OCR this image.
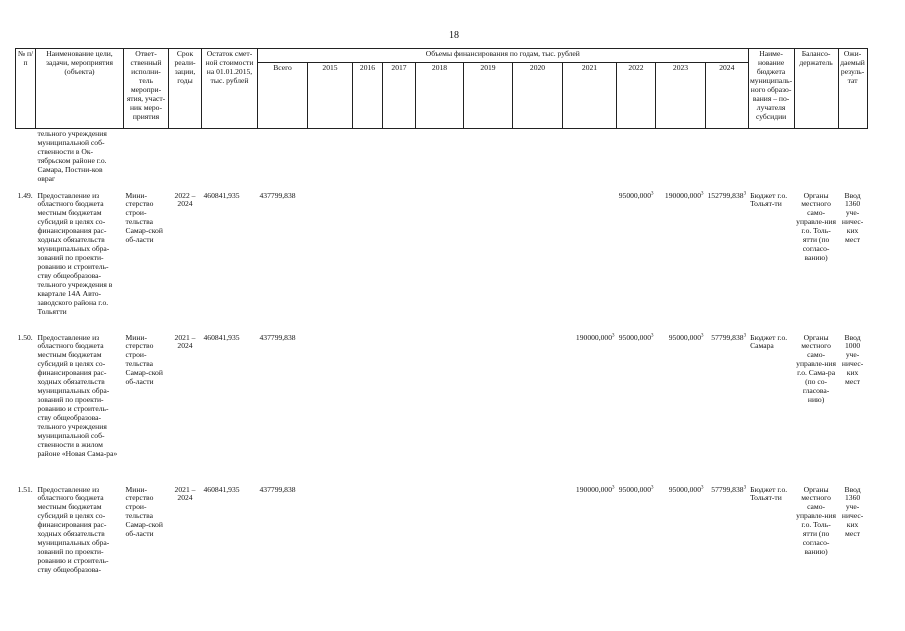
18
№ п/п	Наименование цели, задачи, мероприятия (объекта)	Ответ-ственный исполни-тель меропри-ятия, участ-ник меро-приятия	Срок реали-зации, годы	Остаток смет-ной стоимости на 01.01.2015, тыс. рублей	Объемы финансирования по годам, тыс. рублей											Наиме-нование бюджета муниципаль-ного образо-вания – по-лучателя субсидии	Балансо-держатель	Ожи-даемый резуль-тат
					Всего	2015	2016	2017	2018	2019	2020	2021	2022	2023	2024			
	тельного учреждения муниципальной соб-ственности в Ок-тябрьском районе г.о. Самара, Постни-ков овраг																	
1.49.	Предоставление из областного бюджета местным бюджетам субсидий в целях со-финансирования рас-ходных обязательств муниципальных обра-зований по проекти-рованию и строитель-ству общеобразова-тельного учреждения в квартале 14А Авто-заводского района г.о. Тольятти	Мини-стерство строи-тельства Самар-ской об-ласти	2022 – 2024	460841,935	437799,838								95000,000$^3$	190000,000$^3$	152799,838$^3$	Бюджет г.о. Тольят-ти	Органы местного само-управле-ния г.о. Толь-ятти (по согласо-ванию)	Ввод 1360 уче-ничес-ких мест
1.50.	Предоставление из областного бюджета местным бюджетам субсидий в целях со-финансирования рас-ходных обязательств муниципальных обра-зований по проекти-рованию и строитель-ству общеобразова-тельного учреждения муниципальной соб-ственности в жилом районе «Новая Сама-ра»	Мини-стерство строи-тельства Самар-ской об-ласти	2021 – 2024	460841,935	437799,838							190000,000$^3$	95000,000$^3$	95000,000$^3$	57799,838$^3$	Бюджет г.о. Самара	Органы местного само-управле-ния г.о. Сама-ра (по со-гласова-нию)	Ввод 1000 уче-ничес-ких мест
1.51.	Предоставление из областного бюджета местным бюджетам субсидий в целях со-финансирования рас-ходных обязательств муниципальных обра-зований по проекти-рованию и строитель-ству общеобразова-	Мини-стерство строи-тельства Самар-ской об-ласти	2021 – 2024	460841,935	437799,838							190000,000$^3$	95000,000$^3$	95000,000$^3$	57799,838$^3$	Бюджет г.о. Тольят-ти	Органы местного само-управле-ния г.о. Толь-ятти (по согласо-ванию)	Ввод 1360 уче-ничес-ких мест
